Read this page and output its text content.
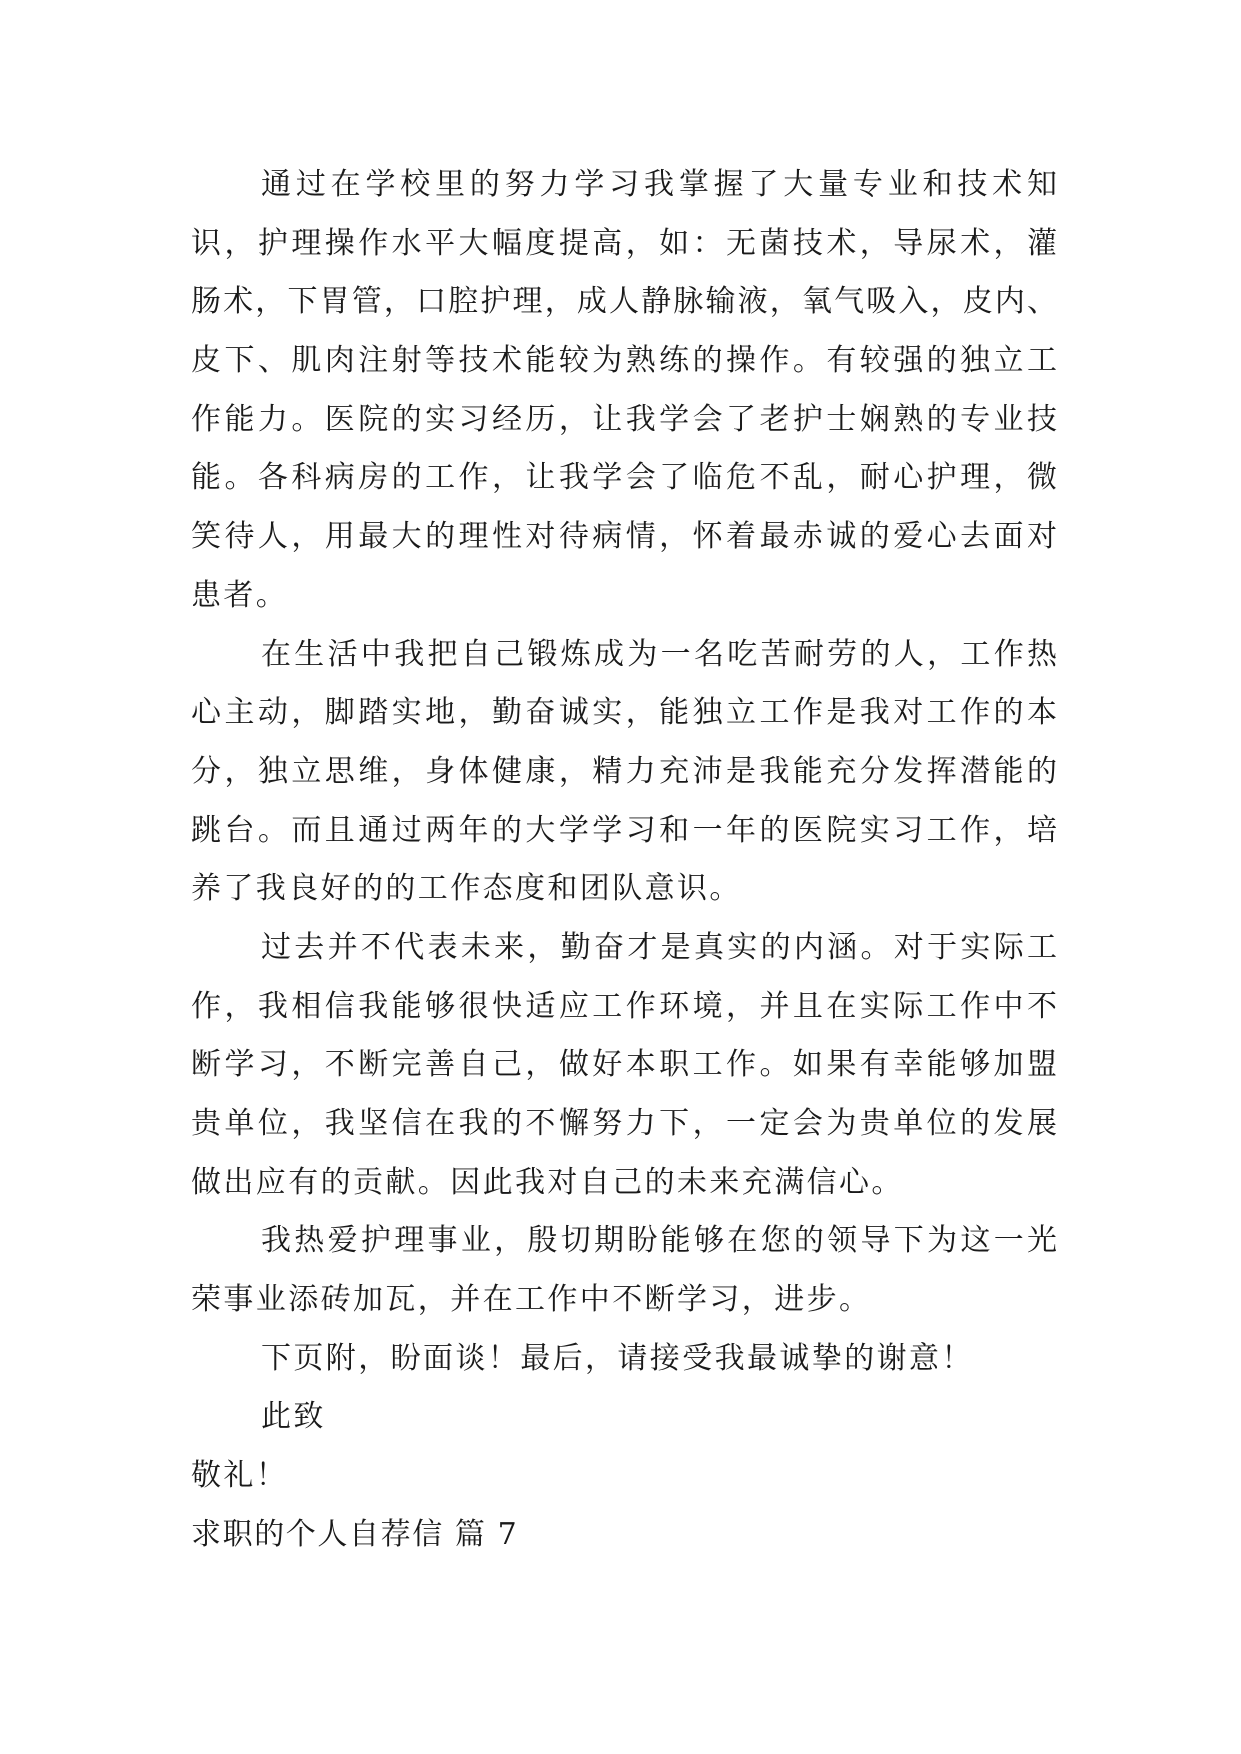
通过在学校里的努力学习我掌握了大量专业和技术知
识，护理操作水平大幅度提高，如：无菌技术，导尿术，灌
肠术，下胃管，口腔护理，成人静脉输液，氧气吸入，皮内、
皮下、肌肉注射等技术能较为熟练的操作。有较强的独立工
作能力。医院的实习经历，让我学会了老护士娴熟的专业技
能。各科病房的工作，让我学会了临危不乱，耐心护理，微
笑待人，用最大的理性对待病情，怀着最赤诚的爱心去面对
患者。
在生活中我把自己锻炼成为一名吃苦耐劳的人，工作热
心主动，脚踏实地，勤奋诚实，能独立工作是我对工作的本
分，独立思维，身体健康，精力充沛是我能充分发挥潜能的
跳台。而且通过两年的大学学习和一年的医院实习工作，培
养了我良好的的工作态度和团队意识。
过去并不代表未来，勤奋才是真实的内涵。对于实际工
作，我相信我能够很快适应工作环境，并且在实际工作中不
断学习，不断完善自己，做好本职工作。如果有幸能够加盟
贵单位，我坚信在我的不懈努力下，一定会为贵单位的发展
做出应有的贡献。因此我对自己的未来充满信心。
我热爱护理事业，殷切期盼能够在您的领导下为这一光
荣事业添砖加瓦，并在工作中不断学习，进步。
下页附，盼面谈！最后，请接受我最诚挚的谢意！
此致
敬礼！
求职的个人自荐信 篇 7
